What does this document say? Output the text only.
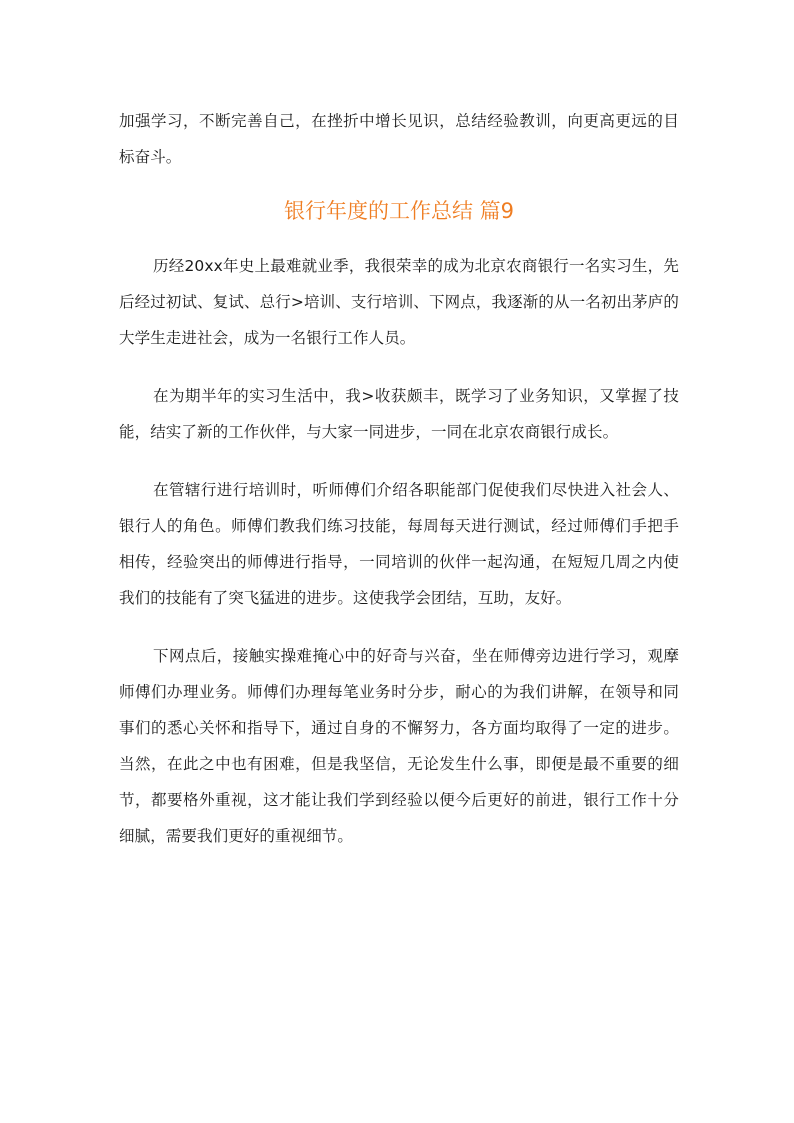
加强学习，不断完善自己，在挫折中增长见识，总结经验教训，向更高更远的目标奋斗。

银行年度的工作总结 篇9

历经20xx年史上最难就业季，我很荣幸的成为北京农商银行一名实习生，先后经过初试、复试、总行>培训、支行培训、下网点，我逐渐的从一名初出茅庐的大学生走进社会，成为一名银行工作人员。

在为期半年的实习生活中，我>收获颇丰，既学习了业务知识，又掌握了技能，结实了新的工作伙伴，与大家一同进步，一同在北京农商银行成长。

在管辖行进行培训时，听师傅们介绍各职能部门促使我们尽快进入社会人、银行人的角色。师傅们教我们练习技能，每周每天进行测试，经过师傅们手把手相传，经验突出的师傅进行指导，一同培训的伙伴一起沟通，在短短几周之内使我们的技能有了突飞猛进的进步。这使我学会团结，互助，友好。

下网点后，接触实操难掩心中的好奇与兴奋，坐在师傅旁边进行学习，观摩师傅们办理业务。师傅们办理每笔业务时分步，耐心的为我们讲解，在领导和同事们的悉心关怀和指导下，通过自身的不懈努力，各方面均取得了一定的进步。当然，在此之中也有困难，但是我坚信，无论发生什么事，即便是最不重要的细节，都要格外重视，这才能让我们学到经验以便今后更好的前进，银行工作十分细腻，需要我们更好的重视细节。
